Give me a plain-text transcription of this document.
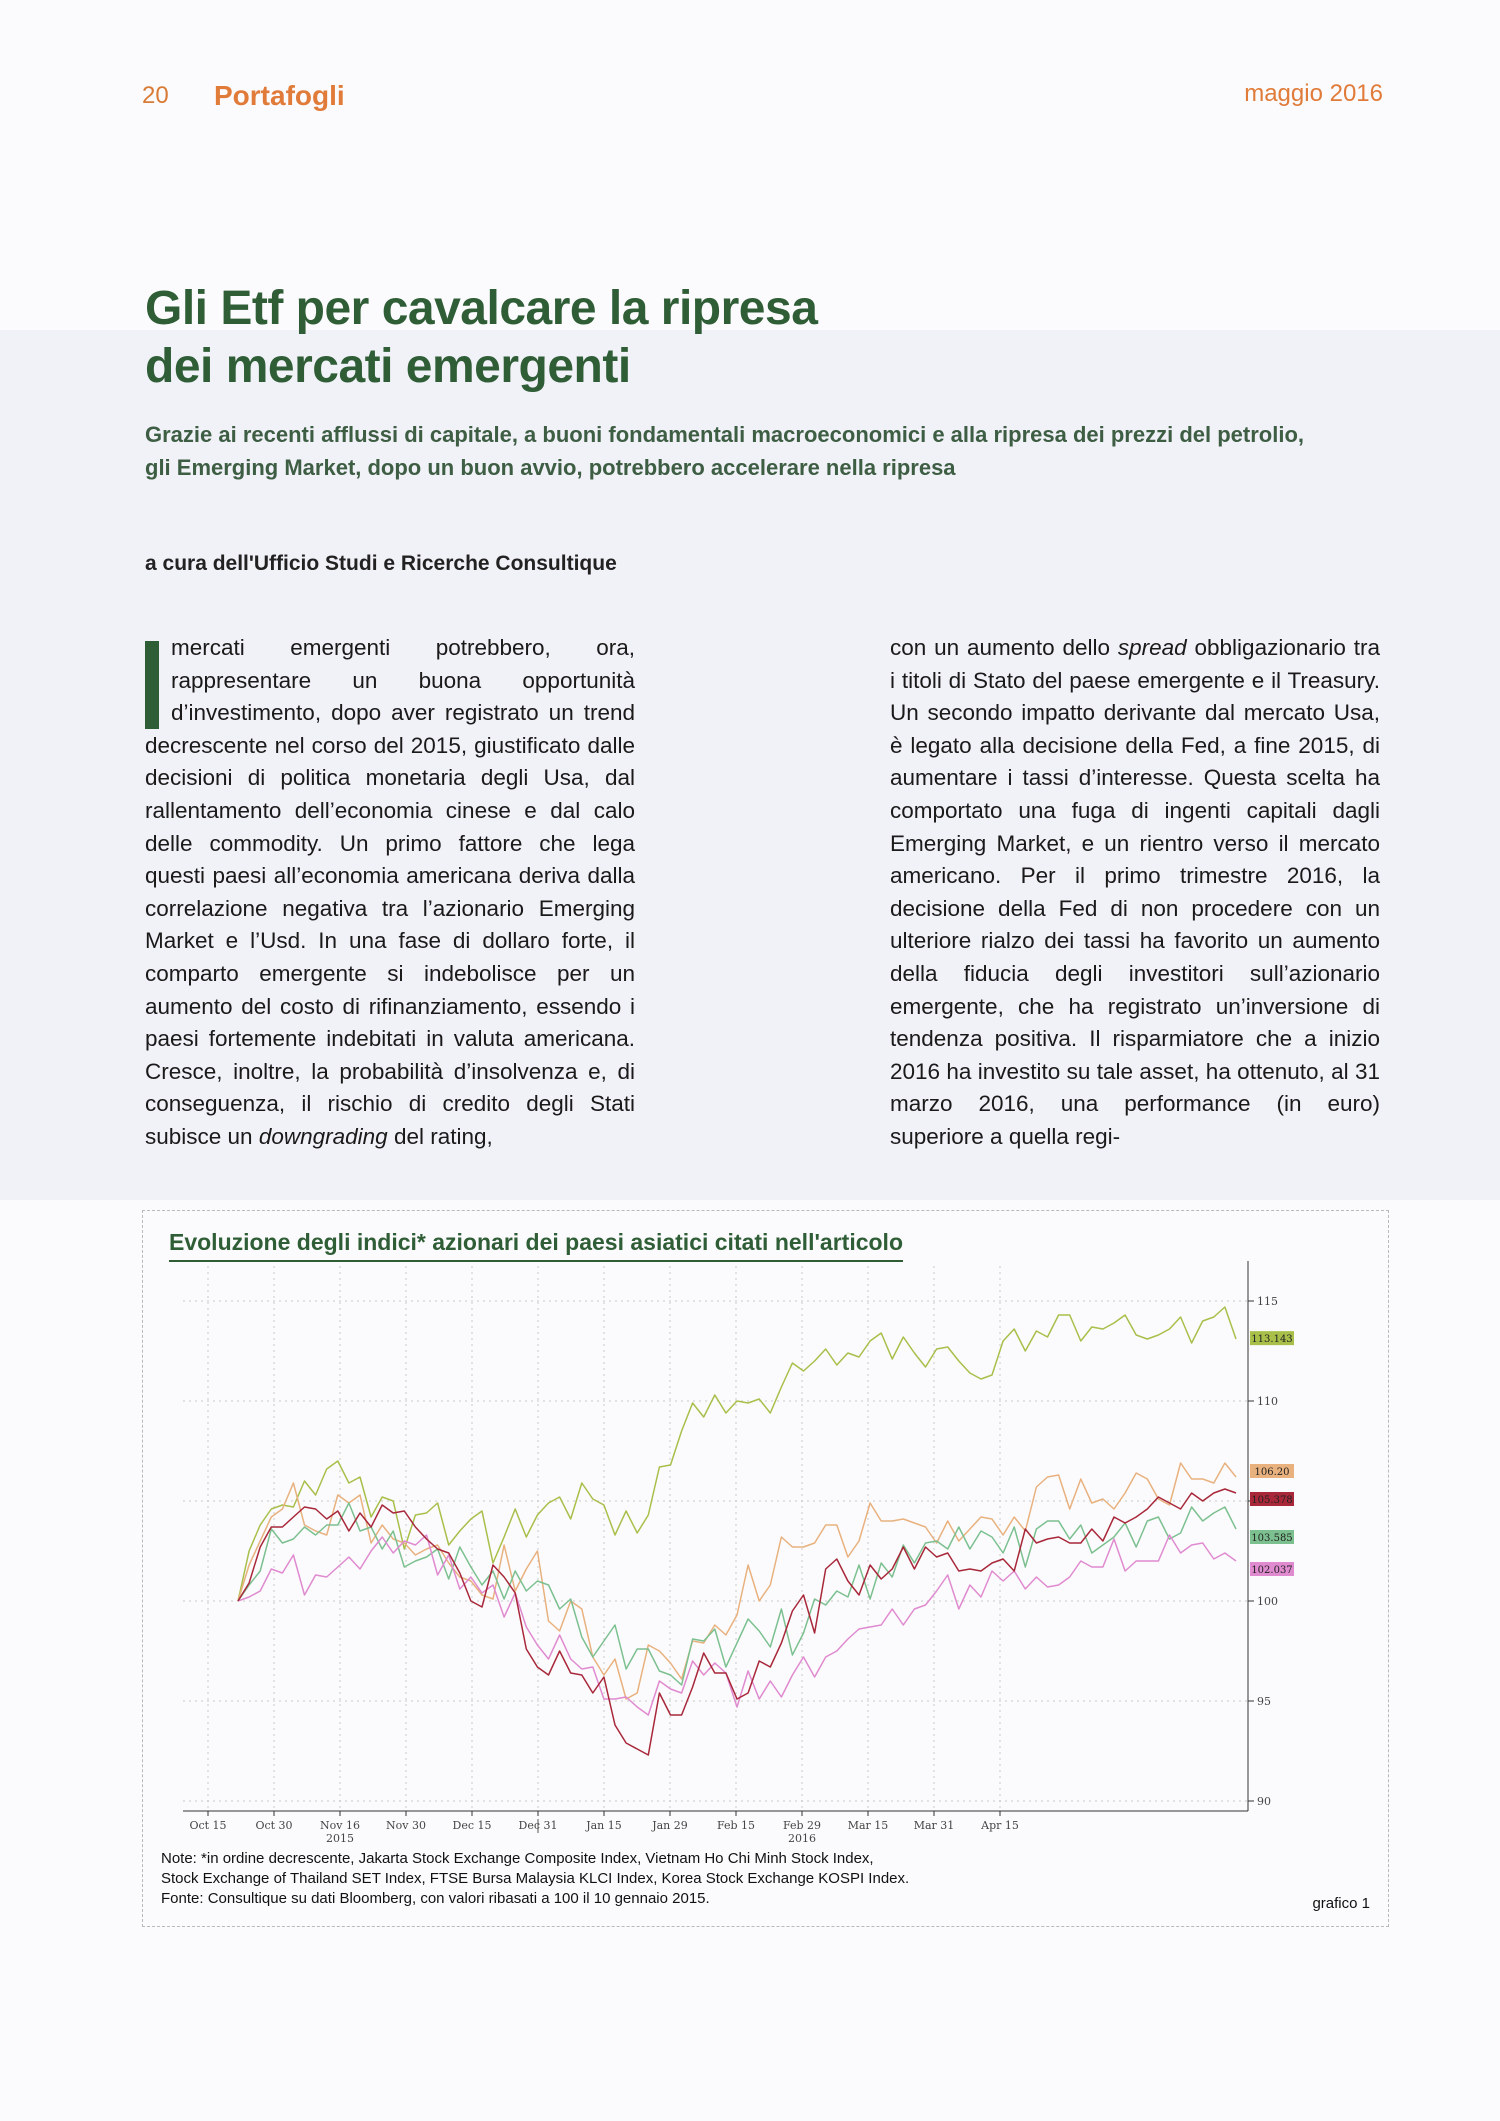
20 Portafogli	maggio 2016
Gli Etf per cavalcare la ripresa
dei mercati emergenti

Grazie ai recenti afflussi di capitale, a buoni fondamentali macroeconomici e alla ripresa dei prezzi del petrolio, gli Emerging Market, dopo un buon avvio, potrebbero accelerare nella ripresa

a cura dell'Ufficio Studi e Ricerche Consultique

mercati emergenti potrebbero, ora, rappresentare un buona opportunità d’investimento, dopo aver registrato un trend decrescente nel corso del 2015, giustificato dalle decisioni di politica monetaria degli Usa, dal rallentamento dell’economia cinese e dal calo delle commodity. Un primo fattore che lega questi paesi all’economia americana deriva dalla correlazione negativa tra l’azionario Emerging Market e l’Usd. In una fase di dollaro forte, il comparto emergente si indebolisce per un aumento del costo di rifinanziamento, essendo i paesi fortemente indebitati in valuta americana. Cresce, inoltre, la probabilità d’insolvenza e, di conseguenza, il rischio di credito degli Stati subisce un downgrading del rating,

con un aumento dello spread obbligazionario tra i titoli di Stato del paese emergente e il Treasury. Un secondo impatto derivante dal mercato Usa, è legato alla decisione della Fed, a fine 2015, di aumentare i tassi d’interesse. Questa scelta ha comportato una fuga di ingenti capitali dagli Emerging Market, e un rientro verso il mercato americano. Per il primo trimestre 2016, la decisione della Fed di non procedere con un ulteriore rialzo dei tassi ha favorito un aumento della fiducia degli investitori sull’azionario emergente, che ha registrato un’inversione di tendenza positiva. Il risparmiatore che a inizio 2016 ha investito su tale asset, ha ottenuto, al 31 marzo 2016, una performance (in euro) superiore a quella regi-

Evoluzione degli indici* azionari dei paesi asiatici citati nell'articolo
Oct 15	Oct 30 Nov 16 Nov 30 Dec 15 Dec 31	Jan 15	Jan 29	Feb 15	Feb 29 Mar 15 Mar 31 Apr 15
2015	2016
115
110
100
95
90
113.143
106.20
105.378
103.585
102.037
Note: *in ordine decrescente, Jakarta Stock Exchange Composite Index, Vietnam Ho Chi Minh Stock Index,
Stock Exchange of Thailand SET Index, FTSE Bursa Malaysia KLCI Index, Korea Stock Exchange KOSPI Index.
Fonte: Consultique su dati Bloomberg, con valori ribasati a 100 il 10 gennaio 2015.	grafico 1
